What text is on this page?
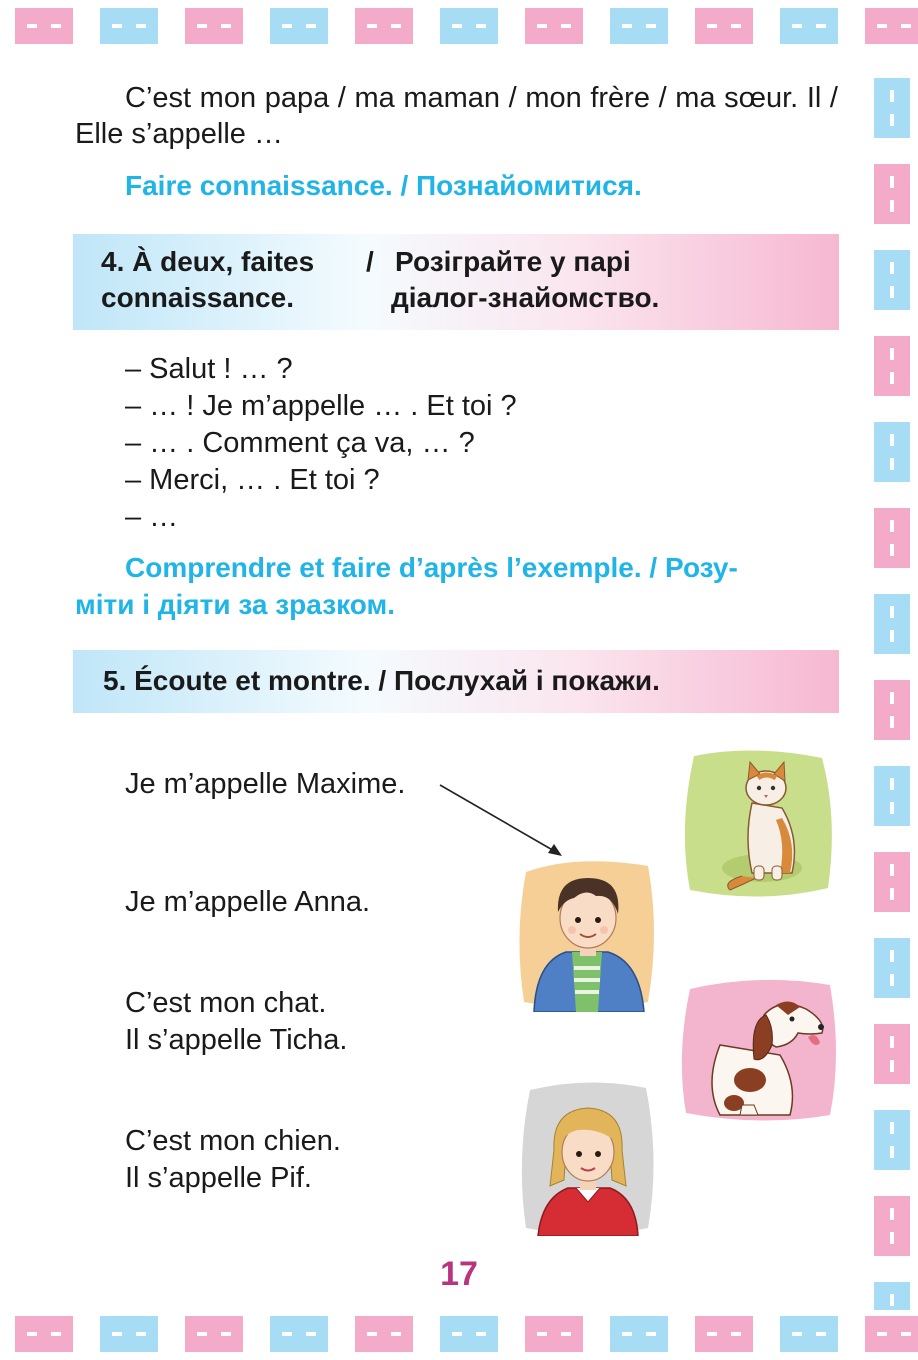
C’est mon papa / ma maman / mon frère / ma sœur. Il / Elle s’appelle …

Faire connaissance. / Познайомитися.

4. À deux, faites
connaissance.
/ Розіграйте у парі
діалог-знайомство.
– Salut ! … ?
– … ! Je m’appelle … . Et toi ?
– … . Comment ça va, … ?
– Merci, … . Et toi ?
– …

Comprendre et faire d’après l’exemple. / Розу-

міти і діяти за зразком.

5. Écoute et montre. / Послухай і покажи.
Je m’appelle Maxime.
Je m’appelle Anna.
C’est mon chat.
Il s’appelle Ticha.
C’est mon chien.
Il s’appelle Pif.
17
